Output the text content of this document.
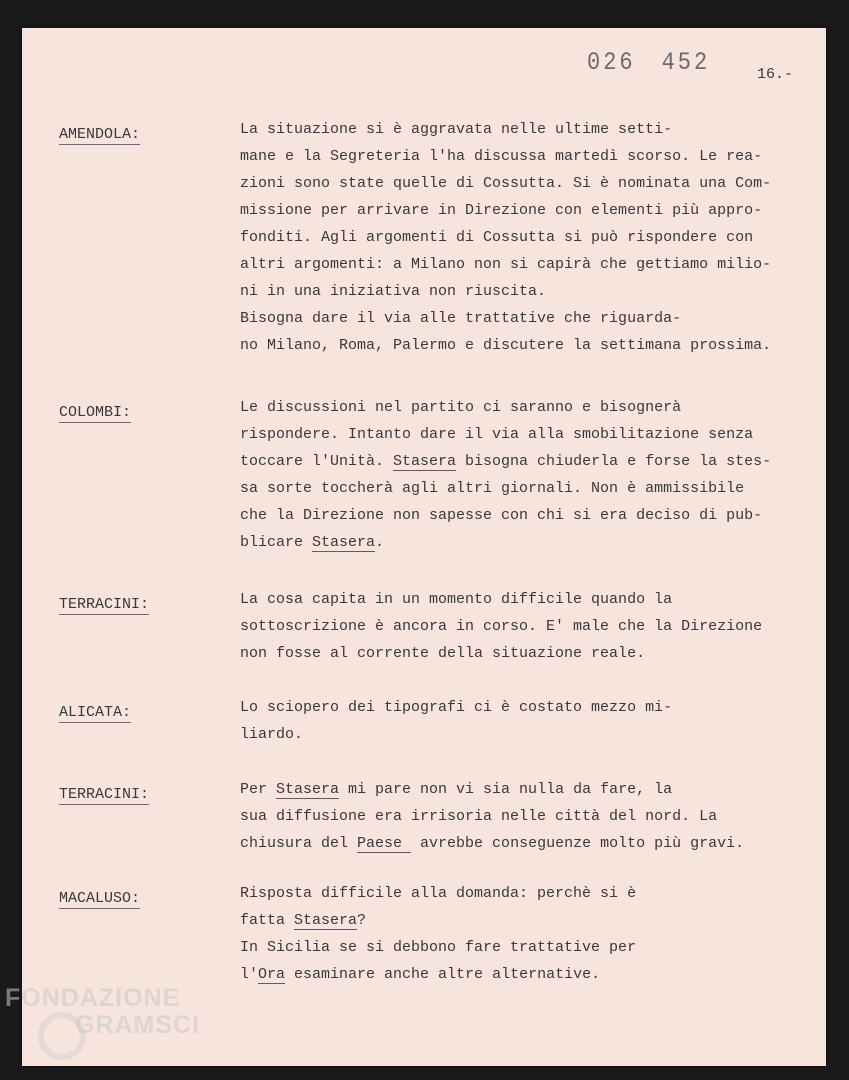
026 452	16.-
AMENDOLA:	La situazione si è aggravata nelle ultime setti-
mane e la Segreteria l'ha discussa martedì scorso. Le rea-
zioni sono state quelle di Cossutta. Si è nominata una Com-
missione per arrivare in Direzione con elementi più appro-
fonditi. Agli argomenti di Cossutta si può rispondere con
altri argomenti: a Milano non si capirà che gettiamo milio-
ni in una iniziativa non riuscita.
Bisogna dare il via alle trattative che riguarda-
no Milano, Roma, Palermo e discutere la settimana prossima.
COLOMBI:	Le discussioni nel partito ci saranno e bisognerà
rispondere. Intanto dare il via alla smobilitazione senza
toccare l'Unità. Stasera bisogna chiuderla e forse la stes-
sa sorte toccherà agli altri giornali. Non è ammissibile
che la Direzione non sapesse con chi si era deciso di pub-
blicare Stasera.
TERRACINI:	La cosa capita in un momento difficile quando la
sottoscrizione è ancora in corso. E' male che la Direzione
non fosse al corrente della situazione reale.
ALICATA:	Lo sciopero dei tipografi ci è costato mezzo mi-
liardo.
TERRACINI:	Per Stasera mi pare non vi sia nulla da fare, la
sua diffusione era irrisoria nelle città del nord. La
chiusura del Paese  avrebbe conseguenze molto più gravi.
MACALUSO:	Risposta difficile alla domanda: perchè si è
fatta Stasera?
In Sicilia se si debbono fare trattative per
l'Ora esaminare anche altre alternative.
FONDAZIONE
GRAMSCI
